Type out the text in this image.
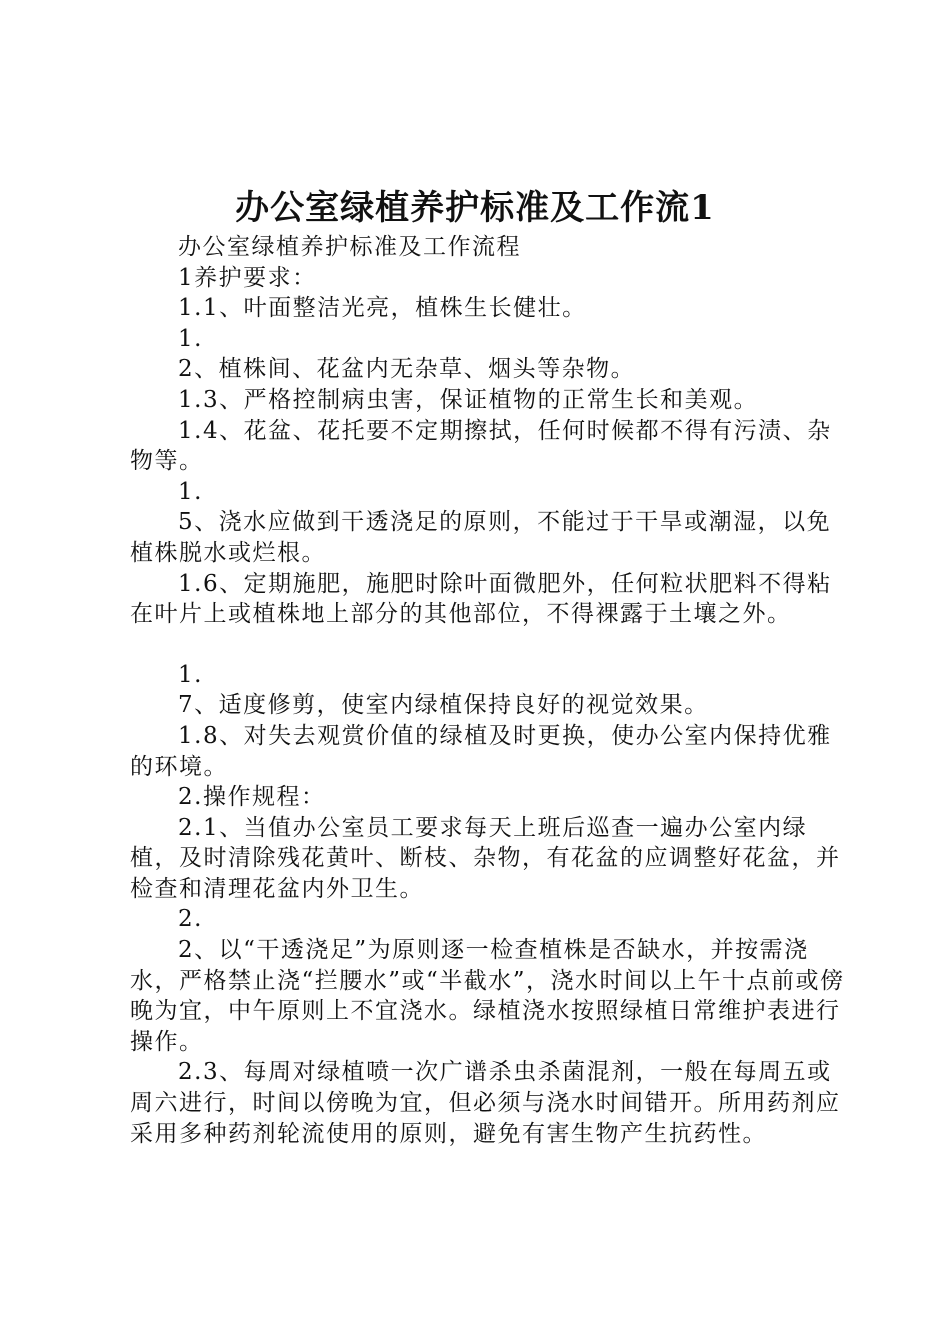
办公室绿植养护标准及工作流1

办公室绿植养护标准及工作流程

1养护要求：

1.1、叶面整洁光亮，植株生长健壮。

1.

2、植株间、花盆内无杂草、烟头等杂物。

1.3、严格控制病虫害，保证植物的正常生长和美观。

1.4、花盆、花托要不定期擦拭，任何时候都不得有污渍、杂物等。

1.

5、浇水应做到干透浇足的原则，不能过于干旱或潮湿，以免植株脱水或烂根。

1.6、定期施肥，施肥时除叶面微肥外，任何粒状肥料不得粘在叶片上或植株地上部分的其他部位，不得裸露于土壤之外。

1.

7、适度修剪，使室内绿植保持良好的视觉效果。

1.8、对失去观赏价值的绿植及时更换，使办公室内保持优雅的环境。

2.操作规程：

2.1、当值办公室员工要求每天上班后巡查一遍办公室内绿植，及时清除残花黄叶、断枝、杂物，有花盆的应调整好花盆，并检查和清理花盆内外卫生。

2.

2、以“干透浇足”为原则逐一检查植株是否缺水，并按需浇水，严格禁止浇“拦腰水”或“半截水”，浇水时间以上午十点前或傍晚为宜，中午原则上不宜浇水。绿植浇水按照绿植日常维护表进行操作。

2.3、每周对绿植喷一次广谱杀虫杀菌混剂，一般在每周五或周六进行，时间以傍晚为宜，但必须与浇水时间错开。所用药剂应采用多种药剂轮流使用的原则，避免有害生物产生抗药性。
